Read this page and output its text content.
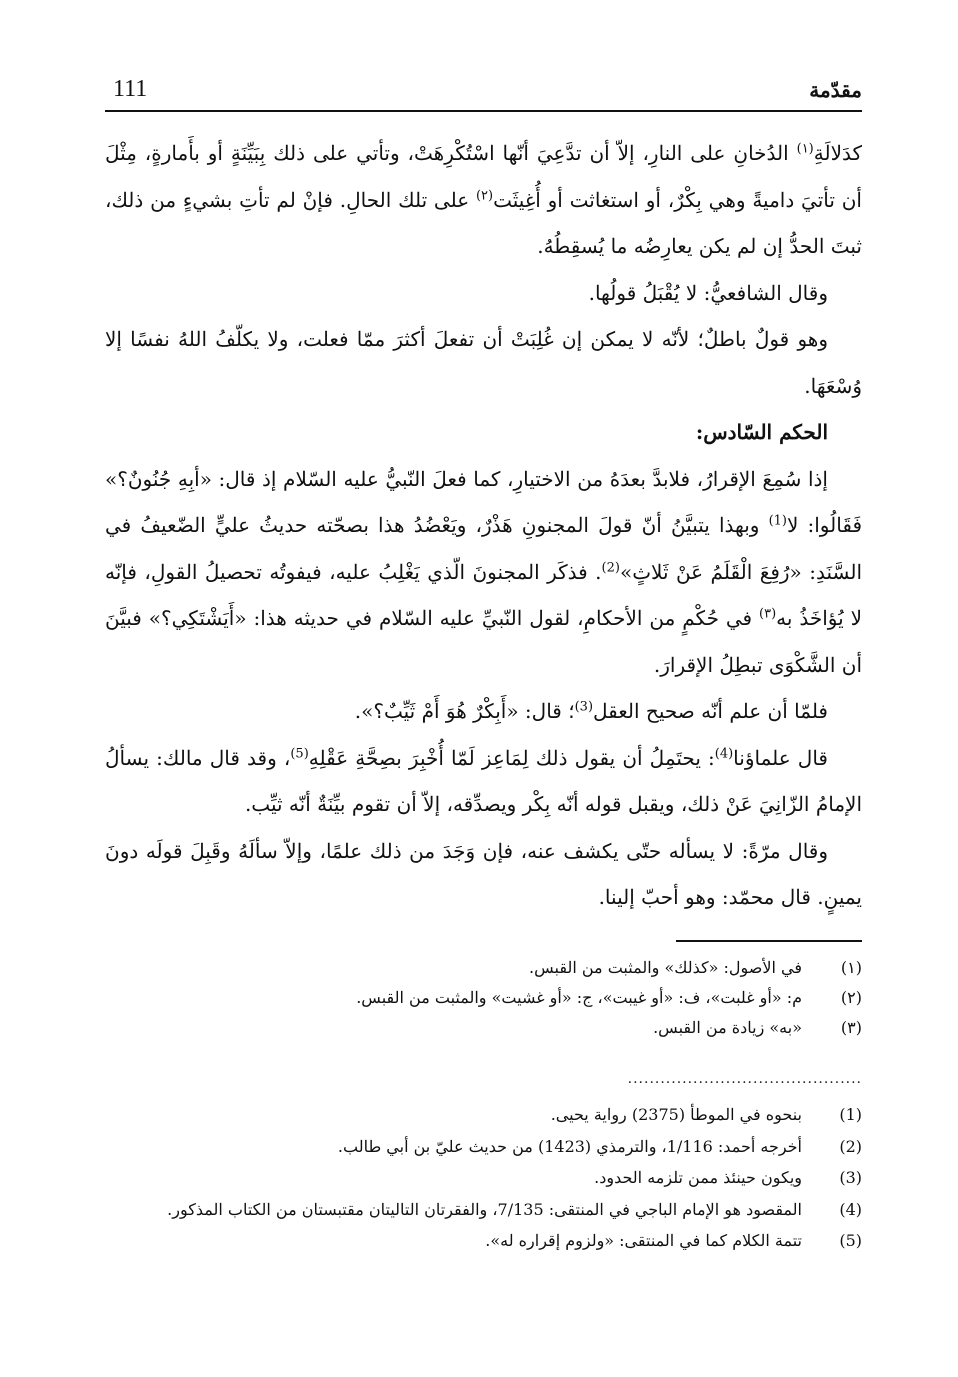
111	مقدّمة

كدَلالَةِ$^{(١)}$ الدُخانِ على النارِ، إلاّ أن تدَّعِيَ أنّها اسْتُكْرِهَتْ، وتأتي على ذلك بِبَيِّنَةٍ أو بأَمارةٍ، مِثْلَ أن تأتيَ داميةً وهي بِكْرٌ، أو استغاثت أو أُغِيثَت$^{(٢)}$ على تلك الحالِ. فإنْ لم تأتِ بشيءٍ من ذلك، ثبتَ الحدُّ إن لم يكن يعارِضُه ما يُسقِطُهُ.

وقال الشافعيُّ: لا يُقْبَلُ قولُها.

وهو قولٌ باطلٌ؛ لأنّه لا يمكن إن غُلِبَتْ أن تفعلَ أكثرَ ممّا فعلت، ولا يكلّفُ اللهُ نفسًا إلا وُسْعَهَا.

الحكم السّادس:

إذا سُمِعَ الإقرارُ، فلابدَّ بعدَهُ من الاختيارِ، كما فعلَ النّبيُّ عليه السّلام إذ قال: «أبِهِ جُنُونٌ؟» فَقَالُوا: لا$^{(1)}$ وبهذا يتبيَّنُ أنّ قولَ المجنونِ هَذْرٌ، ويَعْضُدُ هذا بصحّته حديثُ عليٍّ الضّعيفُ في السَّنَدِ: «رُفِعَ الْقَلَمُ عَنْ ثَلاثٍ»$^{(2)}$. فذكَر المجنونَ الّذي يَغْلِبُ عليه، فيفوتُه تحصيلُ القولِ، فإنّه لا يُؤاخَذُ به$^{(٣)}$ في حُكْمٍ من الأحكامِ، لقول النّبيِّ عليه السّلام في حديثه هذا: «أَيَشْتَكِي؟» فبيَّنَ أن الشَّكْوَى تبطِلُ الإقرارَ.

فلمّا أن علم أنّه صحيح العقل$^{(3)}$؛ قال: «أَبِكْرٌ هُوَ أَمْ ثَيِّبٌ؟».

قال علماؤنا$^{(4)}$: يحتَمِلُ أن يقول ذلك لِمَاعِز لَمّا أُخْبِرَ بصِحَّةِ عَقْلِهِ$^{(5)}$، وقد قال مالك: يسألُ الإمامُ الزّانِيَ عَنْ ذلك، ويقبل قوله أنّه بِكْر ويصدِّقه، إلاّ أن تقوم بيِّنَةٌ أنّه ثيِّب.

وقال مرّةً: لا يسأله حتّى يكشف عنه، فإن وَجَدَ من ذلك علمًا، وإلاّ سألَهُ وقَبِلَ قولَه دونَ يمينٍ. قال محمّد: وهو أحبّ إلينا.

(١)
في الأصول: «كذلك» والمثبت من القبس.
(٢)
م: «أو غلبت»، ف: «أو غيبت»، ج: «أو غشيت» والمثبت من القبس.
(٣)
«به» زيادة من القبس.
...........................................
(1)
بنحوه في الموطأ (2375) رواية يحيى.
(2)
أخرجه أحمد: 1/116، والترمذي (1423) من حديث عليّ بن أبي طالب.
(3)
ويكون حينئذ ممن تلزمه الحدود.
(4)
المقصود هو الإمام الباجي في المنتقى: 7/135، والفقرتان التاليتان مقتبستان من الكتاب المذكور.
(5)
تتمة الكلام كما في المنتقى: «ولزوم إقراره له».
